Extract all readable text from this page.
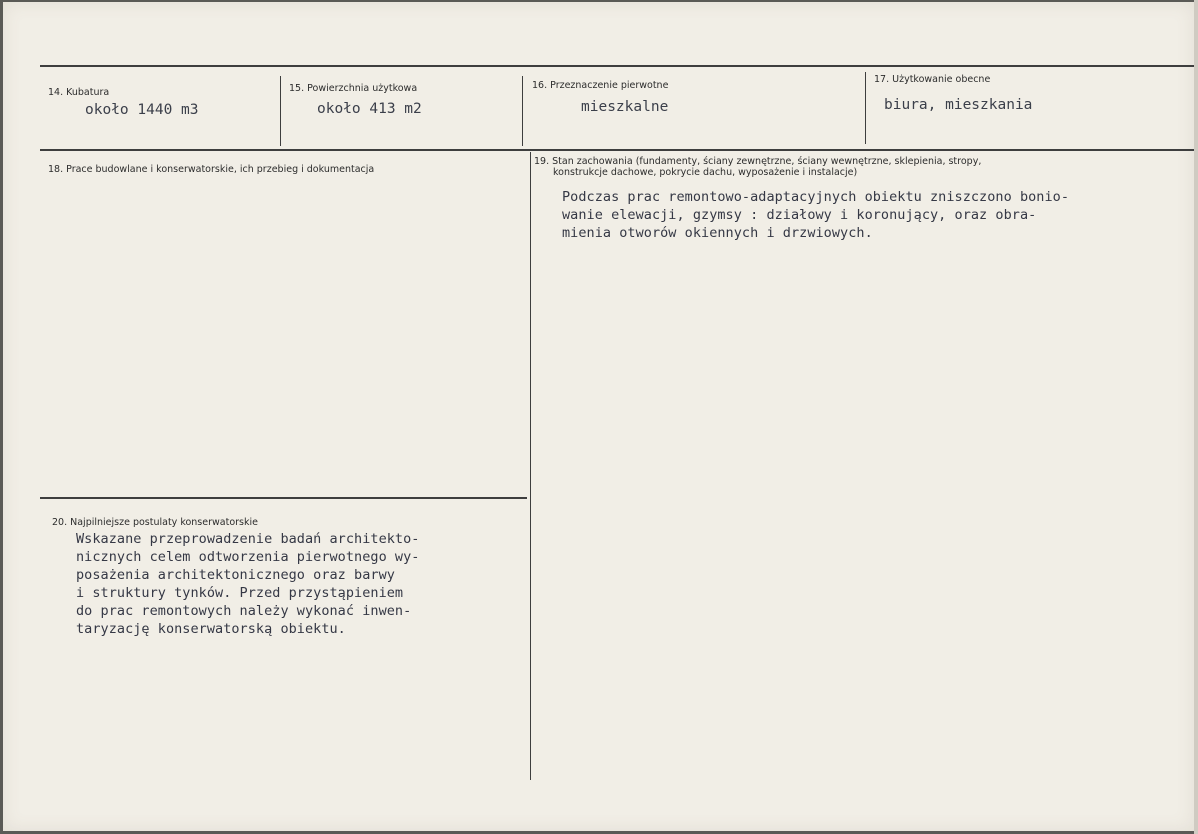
14. Kubatura
około 1440 m3
15. Powierzchnia użytkowa
około 413 m2
16. Przeznaczenie pierwotne
mieszkalne
17. Użytkowanie obecne
biura, mieszkania
18. Prace budowlane i konserwatorskie, ich przebieg i dokumentacja
19. Stan zachowania (fundamenty, ściany zewnętrzne, ściany wewnętrzne, sklepienia, stropy,
konstrukcje dachowe, pokrycie dachu, wyposażenie i instalacje)
Podczas prac remontowo-adaptacyjnych obiektu zniszczono bonio-
wanie elewacji, gzymsy : działowy i koronujący, oraz obra-
mienia otworów okiennych i drzwiowych.
20. Najpilniejsze postulaty konserwatorskie
Wskazane przeprowadzenie badań architekto-
nicznych celem odtworzenia pierwotnego wy-
posażenia architektonicznego oraz barwy
i struktury tynków. Przed przystąpieniem
do prac remontowych należy wykonać inwen-
taryzację konserwatorską obiektu.
